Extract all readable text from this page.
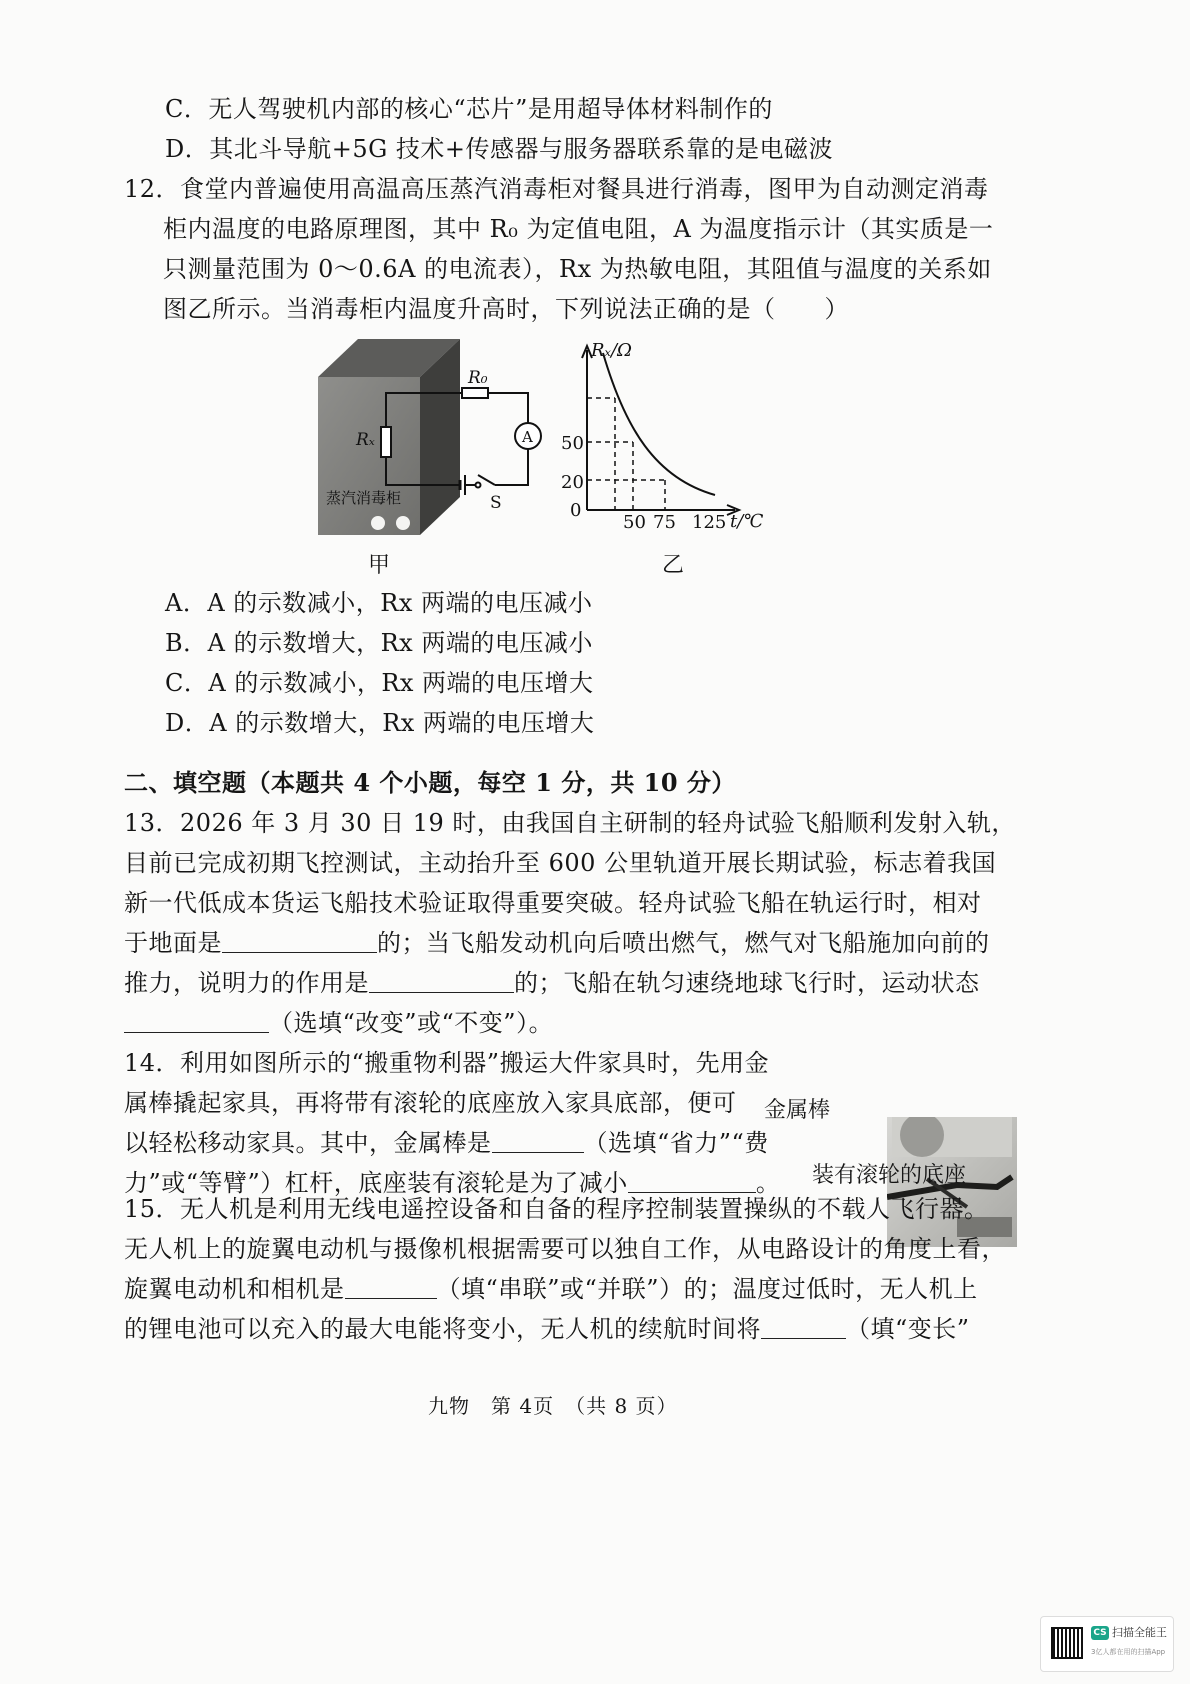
C．无人驾驶机内部的核心“芯片”是用超导体材料制作的
D．其北斗导航+5G 技术+传感器与服务器联系靠的是电磁波
12．食堂内普遍使用高温高压蒸汽消毒柜对餐具进行消毒，图甲为自动测定消毒
柜内温度的电路原理图，其中 R₀ 为定值电阻，A 为温度指示计（其实质是一
只测量范围为 0～0.6A 的电流表），Rx 为热敏电阻，其阻值与温度的关系如
图乙所示。当消毒柜内温度升高时，下列说法正确的是（　　）
R₀
Rₓ	A
S
蒸汽消毒柜
甲
Rₓ/Ω
t/℃
50
20
0
50 75 125
乙
A．A 的示数减小，Rx 两端的电压减小
B．A 的示数增大，Rx 两端的电压减小
C．A 的示数减小，Rx 两端的电压增大
D．A 的示数增大，Rx 两端的电压增大
二、填空题（本题共 4 个小题，每空 1 分，共 10 分）
13．2026 年 3 月 30 日 19 时，由我国自主研制的轻舟试验飞船顺利发射入轨，
目前已完成初期飞控测试，主动抬升至 600 公里轨道开展长期试验，标志着我国
新一代低成本货运飞船技术验证取得重要突破。轻舟试验飞船在轨运行时，相对
于地面是	的；当飞船发动机向后喷出燃气，燃气对飞船施加向前的
推力，说明力的作用是	的；飞船在轨匀速绕地球飞行时，运动状态
（选填“改变”或“不变”）。
14．利用如图所示的“搬重物利器”搬运大件家具时，先用金
属棒撬起家具，再将带有滚轮的底座放入家具底部，便可
以轻松移动家具。其中，金属棒是	（选填“省力”“费
力”或“等臂”）杠杆，底座装有滚轮是为了减小	。
金属棒
装有滚轮的底座
15．无人机是利用无线电遥控设备和自备的程序控制装置操纵的不载人飞行器。
无人机上的旋翼电动机与摄像机根据需要可以独自工作，从电路设计的角度上看，
旋翼电动机和相机是	（填“串联”或“并联”）的；温度过低时，无人机上
的锂电池可以充入的最大电能将变小，无人机的续航时间将	（填“变长”
九物　第 4页　（共 8 页）
CS 扫描全能王
3亿人都在用的扫描App
